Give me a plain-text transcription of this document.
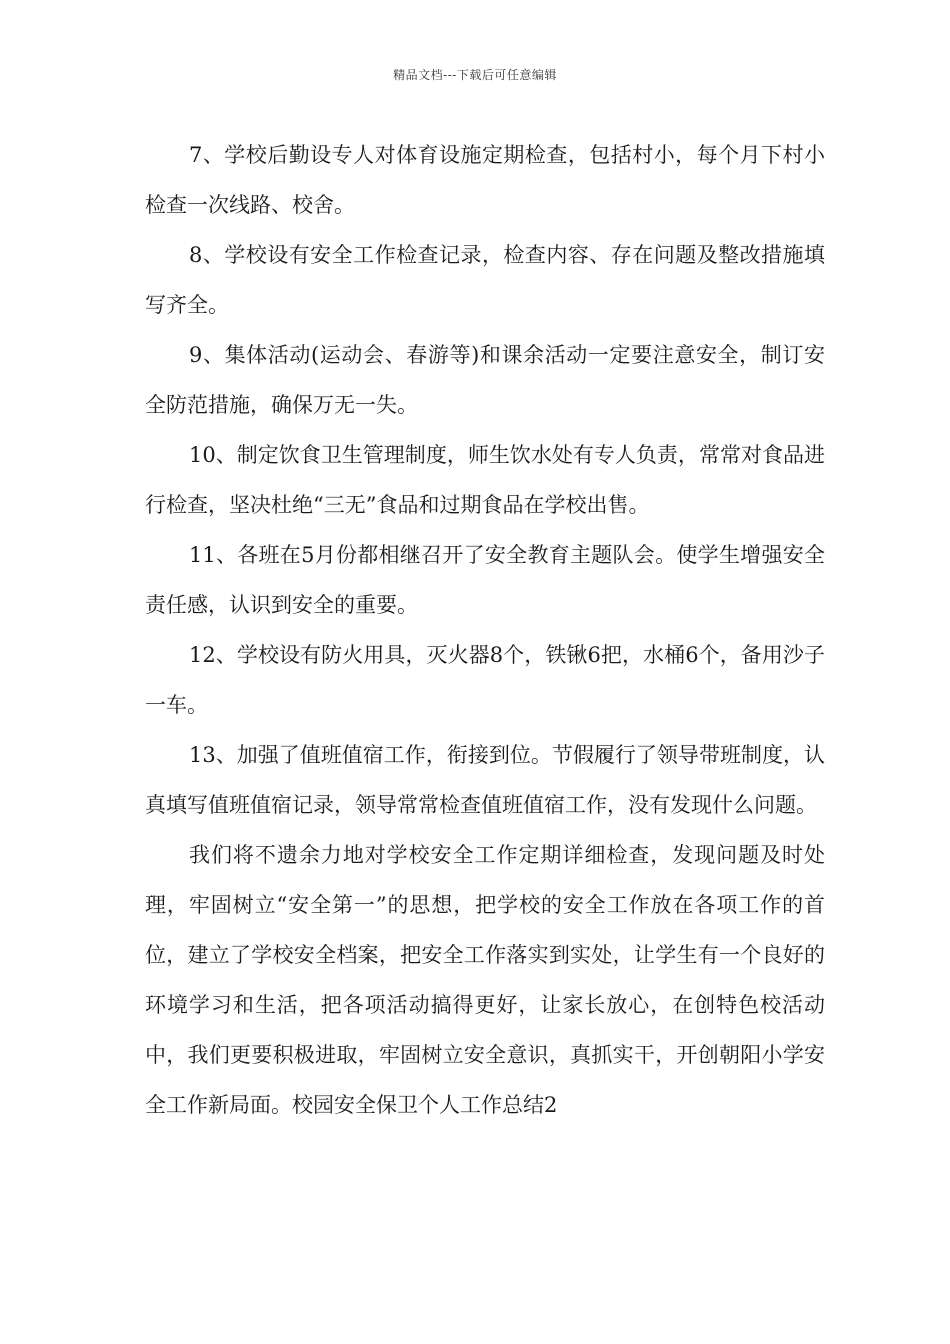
精品文档---下载后可任意编辑

7、学校后勤设专人对体育设施定期检查，包括村小，每个月下村小检查一次线路、校舍。

8、学校设有安全工作检查记录，检查内容、存在问题及整改措施填写齐全。

9、集体活动(运动会、春游等)和课余活动一定要注意安全，制订安全防范措施，确保万无一失。

10、制定饮食卫生管理制度，师生饮水处有专人负责，常常对食品进行检查，坚决杜绝“三无”食品和过期食品在学校出售。

11、各班在5月份都相继召开了安全教育主题队会。使学生增强安全责任感，认识到安全的重要。

12、学校设有防火用具，灭火器8个，铁锹6把，水桶6个，备用沙子一车。

13、加强了值班值宿工作，衔接到位。节假履行了领导带班制度，认真填写值班值宿记录，领导常常检查值班值宿工作，没有发现什么问题。

我们将不遗余力地对学校安全工作定期详细检查，发现问题及时处理，牢固树立“安全第一”的思想，把学校的安全工作放在各项工作的首位，建立了学校安全档案，把安全工作落实到实处，让学生有一个良好的环境学习和生活，把各项活动搞得更好，让家长放心，在创特色校活动中，我们更要积极进取，牢固树立安全意识，真抓实干，开创朝阳小学安全工作新局面。校园安全保卫个人工作总结2
